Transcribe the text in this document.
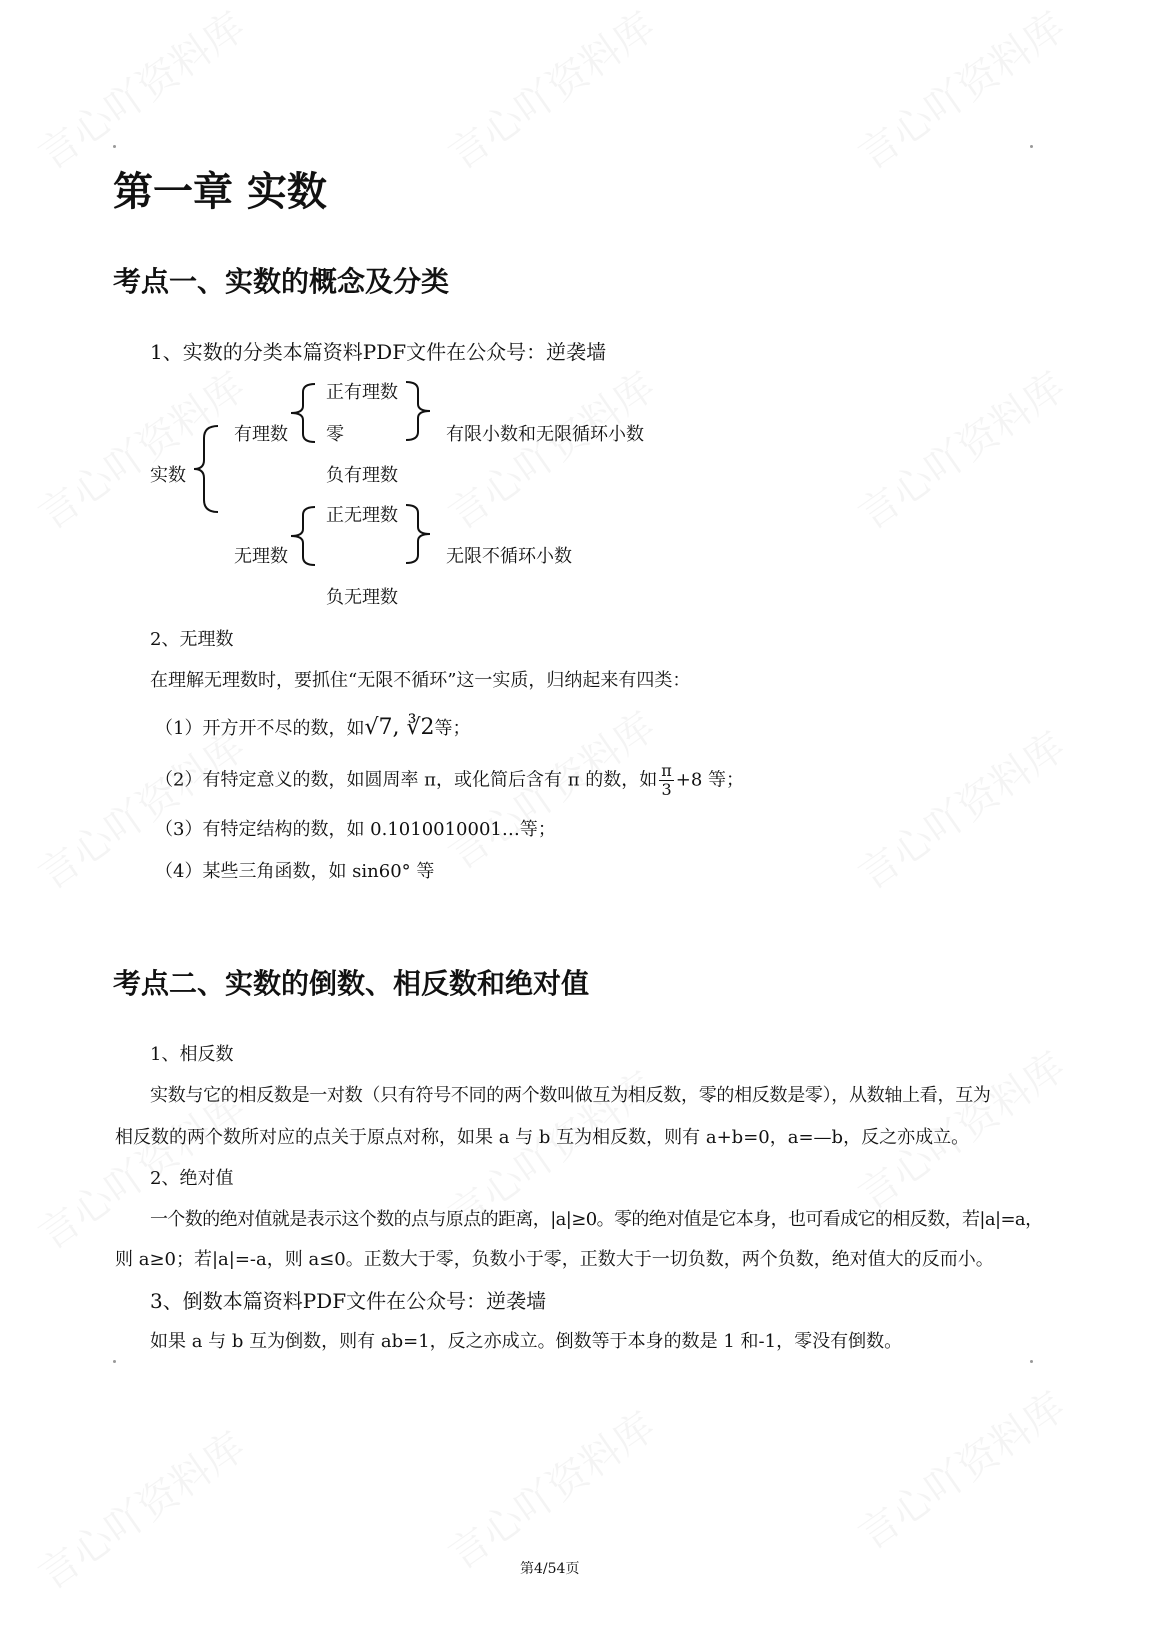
第一章 实数
考点一、实数的概念及分类
1、实数的分类本篇资料PDF文件在公众号：逆袭墙
正有理数
有理数 零	有限小数和无限循环小数
实数	负有理数
正无理数
无理数	无限不循环小数
负无理数
2、无理数
在理解无理数时，要抓住“无限不循环”这一实质，归纳起来有四类：
（1）开方开不尽的数，如√7, ∛2等；
（2）有特定意义的数，如圆周率 π，或化简后含有 π 的数，如 $\frac{\pi}{3} +8$ 等；
（3）有特定结构的数，如 0.1010010001…等；
（4）某些三角函数，如 sin60° 等
考点二、实数的倒数、相反数和绝对值
1、相反数
实数与它的相反数是一对数（只有符号不同的两个数叫做互为相反数，零的相反数是零），从数轴上看，互为
相反数的两个数所对应的点关于原点对称，如果 a 与 b 互为相反数，则有 a+b=0，a=—b，反之亦成立。
2、绝对值
一个数的绝对值就是表示这个数的点与原点的距离，|a|≥0。零的绝对值是它本身，也可看成它的相反数，若|a|=a，
则 a≥0；若|a|=-a，则 a≤0。正数大于零，负数小于零，正数大于一切负数，两个负数，绝对值大的反而小。
3、倒数本篇资料PDF文件在公众号：逆袭墙
如果 a 与 b 互为倒数，则有 ab=1，反之亦成立。倒数等于本身的数是 1 和-1，零没有倒数。
第4/54页
